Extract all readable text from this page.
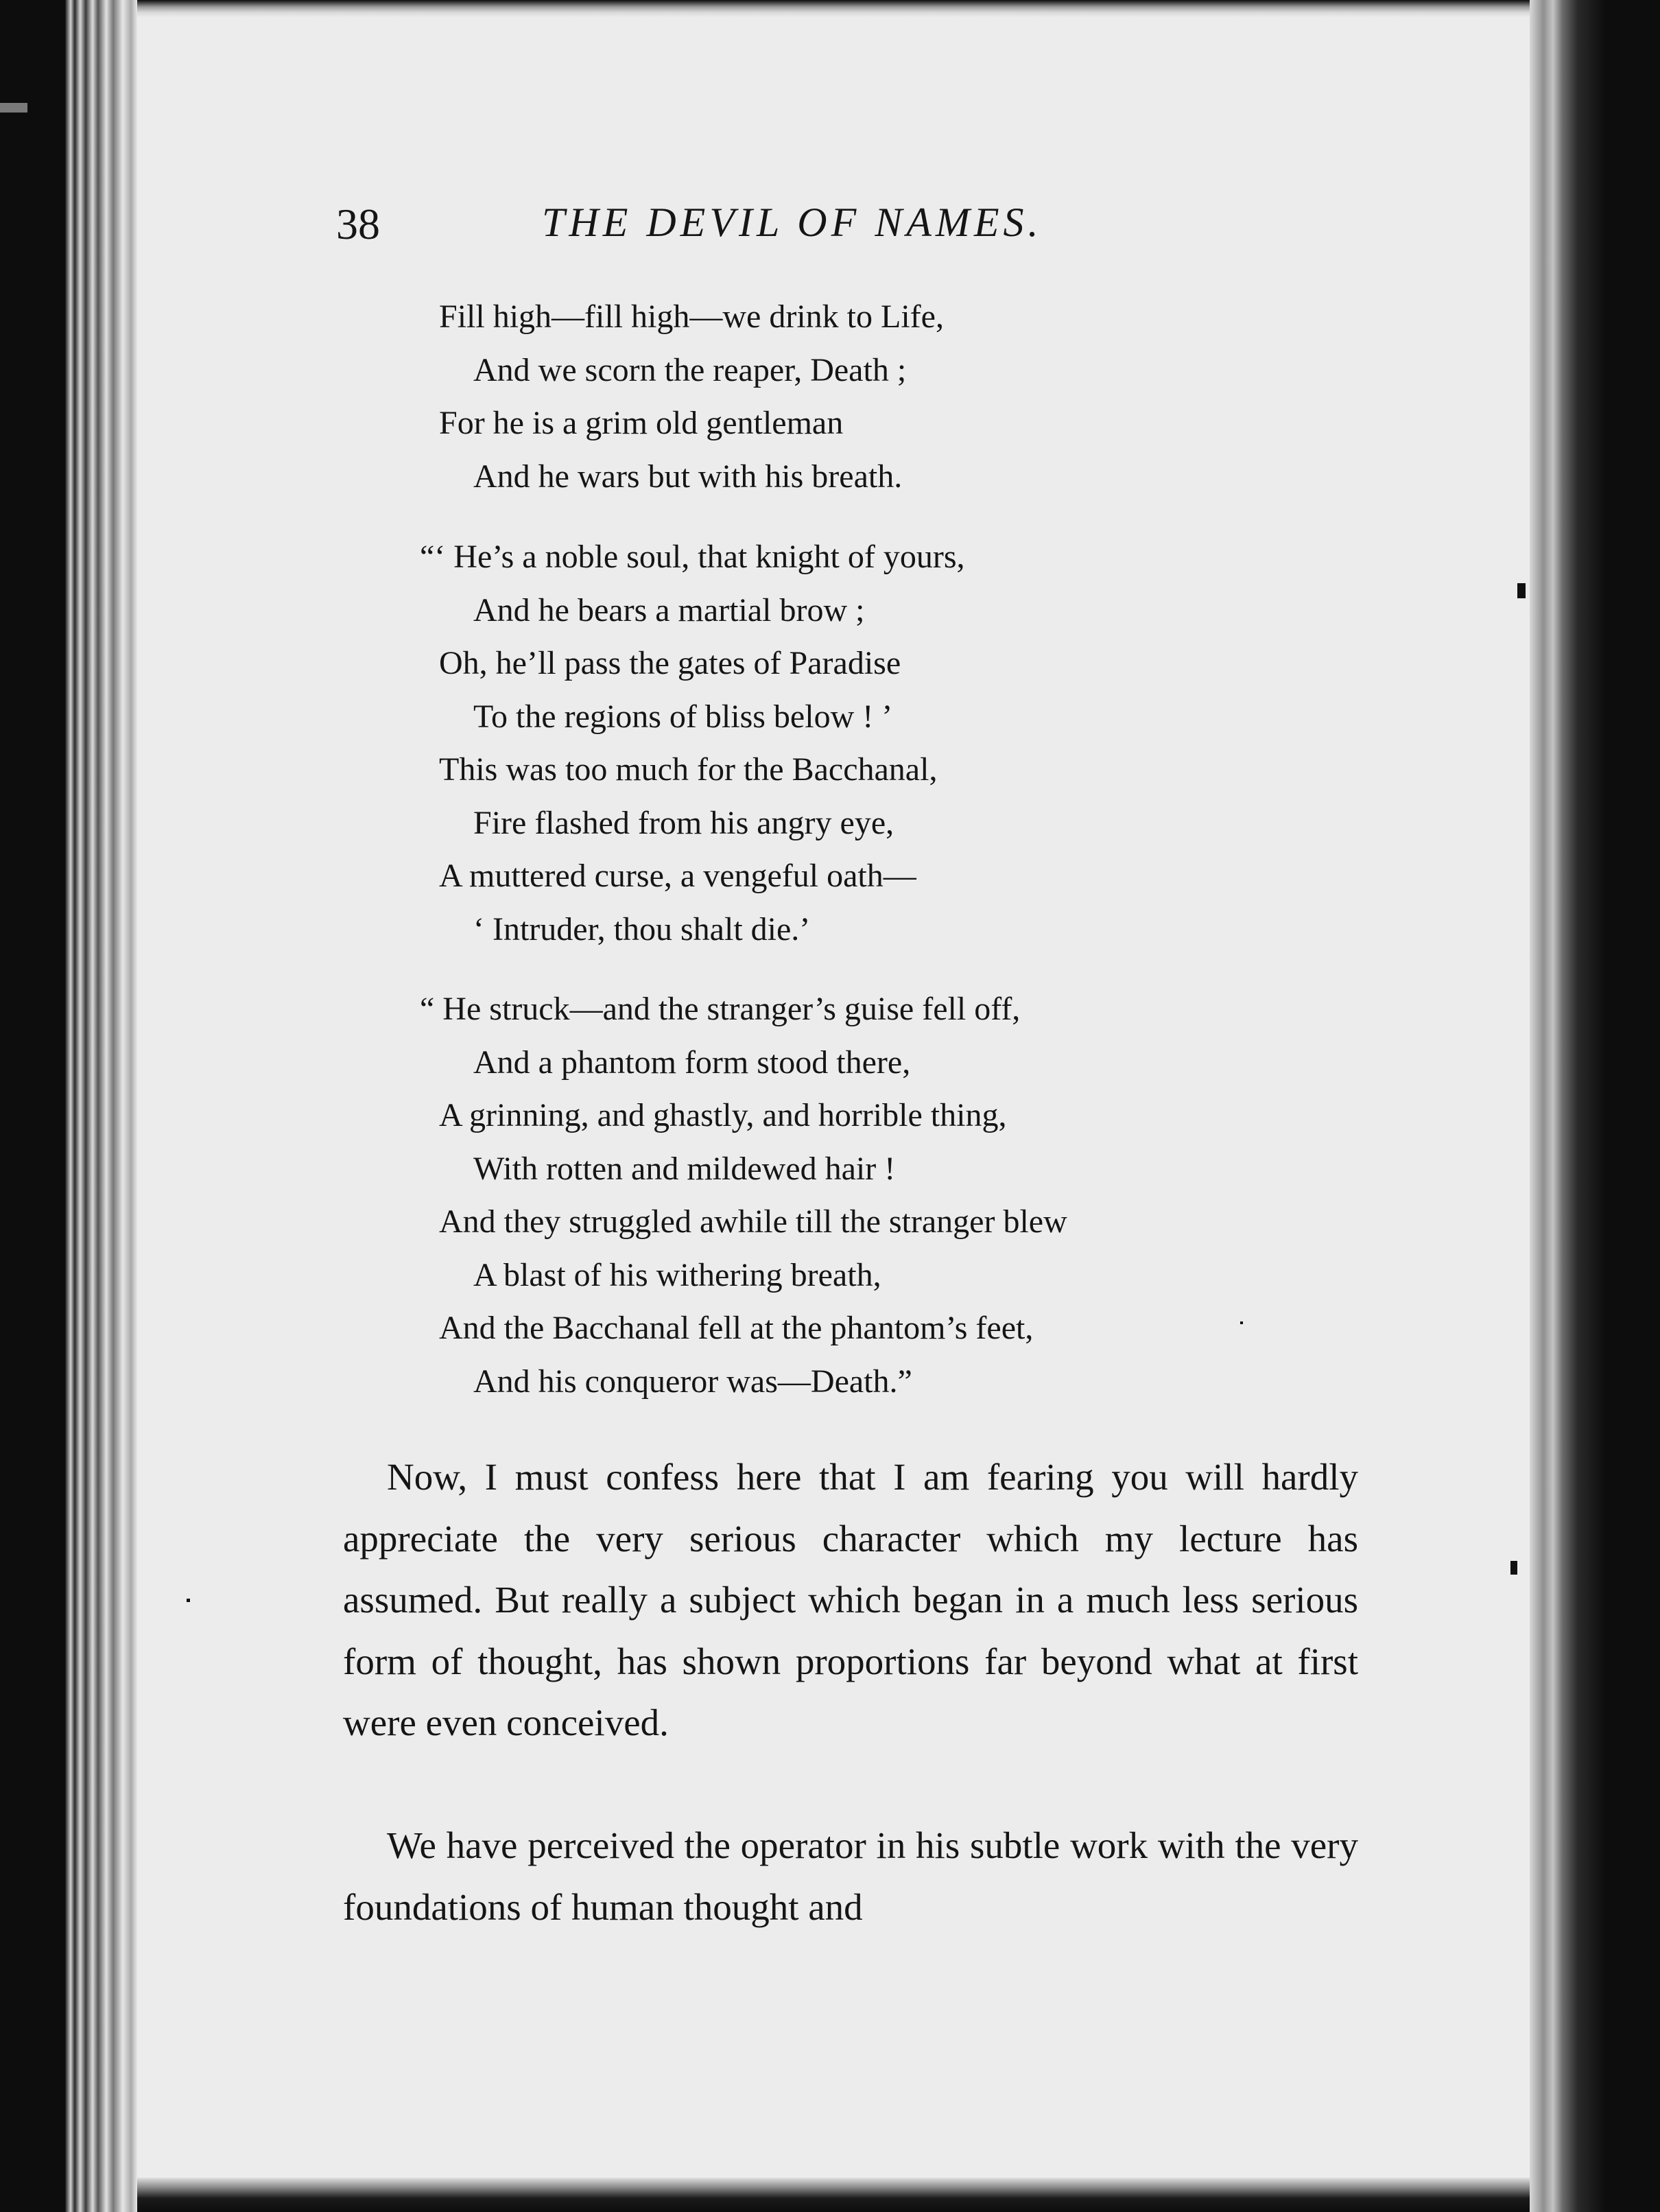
38	THE DEVIL OF NAMES.
Fill high—fill high—we drink to Life,
And we scorn the reaper, Death ;
For he is a grim old gentleman
And he wars but with his breath.
“‘ He’s a noble soul, that knight of yours,
And he bears a martial brow ;
Oh, he’ll pass the gates of Paradise
To the regions of bliss below ! ’
This was too much for the Bacchanal,
Fire flashed from his angry eye,
A muttered curse, a vengeful oath—
‘ Intruder, thou shalt die.’
“ He struck—and the stranger’s guise fell off,
And a phantom form stood there,
A grinning, and ghastly, and horrible thing,
With rotten and mildewed hair !
And they struggled awhile till the stranger blew
A blast of his withering breath,
And the Bacchanal fell at the phantom’s feet,
And his conqueror was—Death.”

Now, I must confess here that I am fearing you will hardly appreciate the very serious character which my lecture has assumed. But really a subject which began in a much less serious form of thought, has shown proportions far beyond what at first were even conceived.

We have perceived the operator in his subtle work with the very foundations of human thought and
